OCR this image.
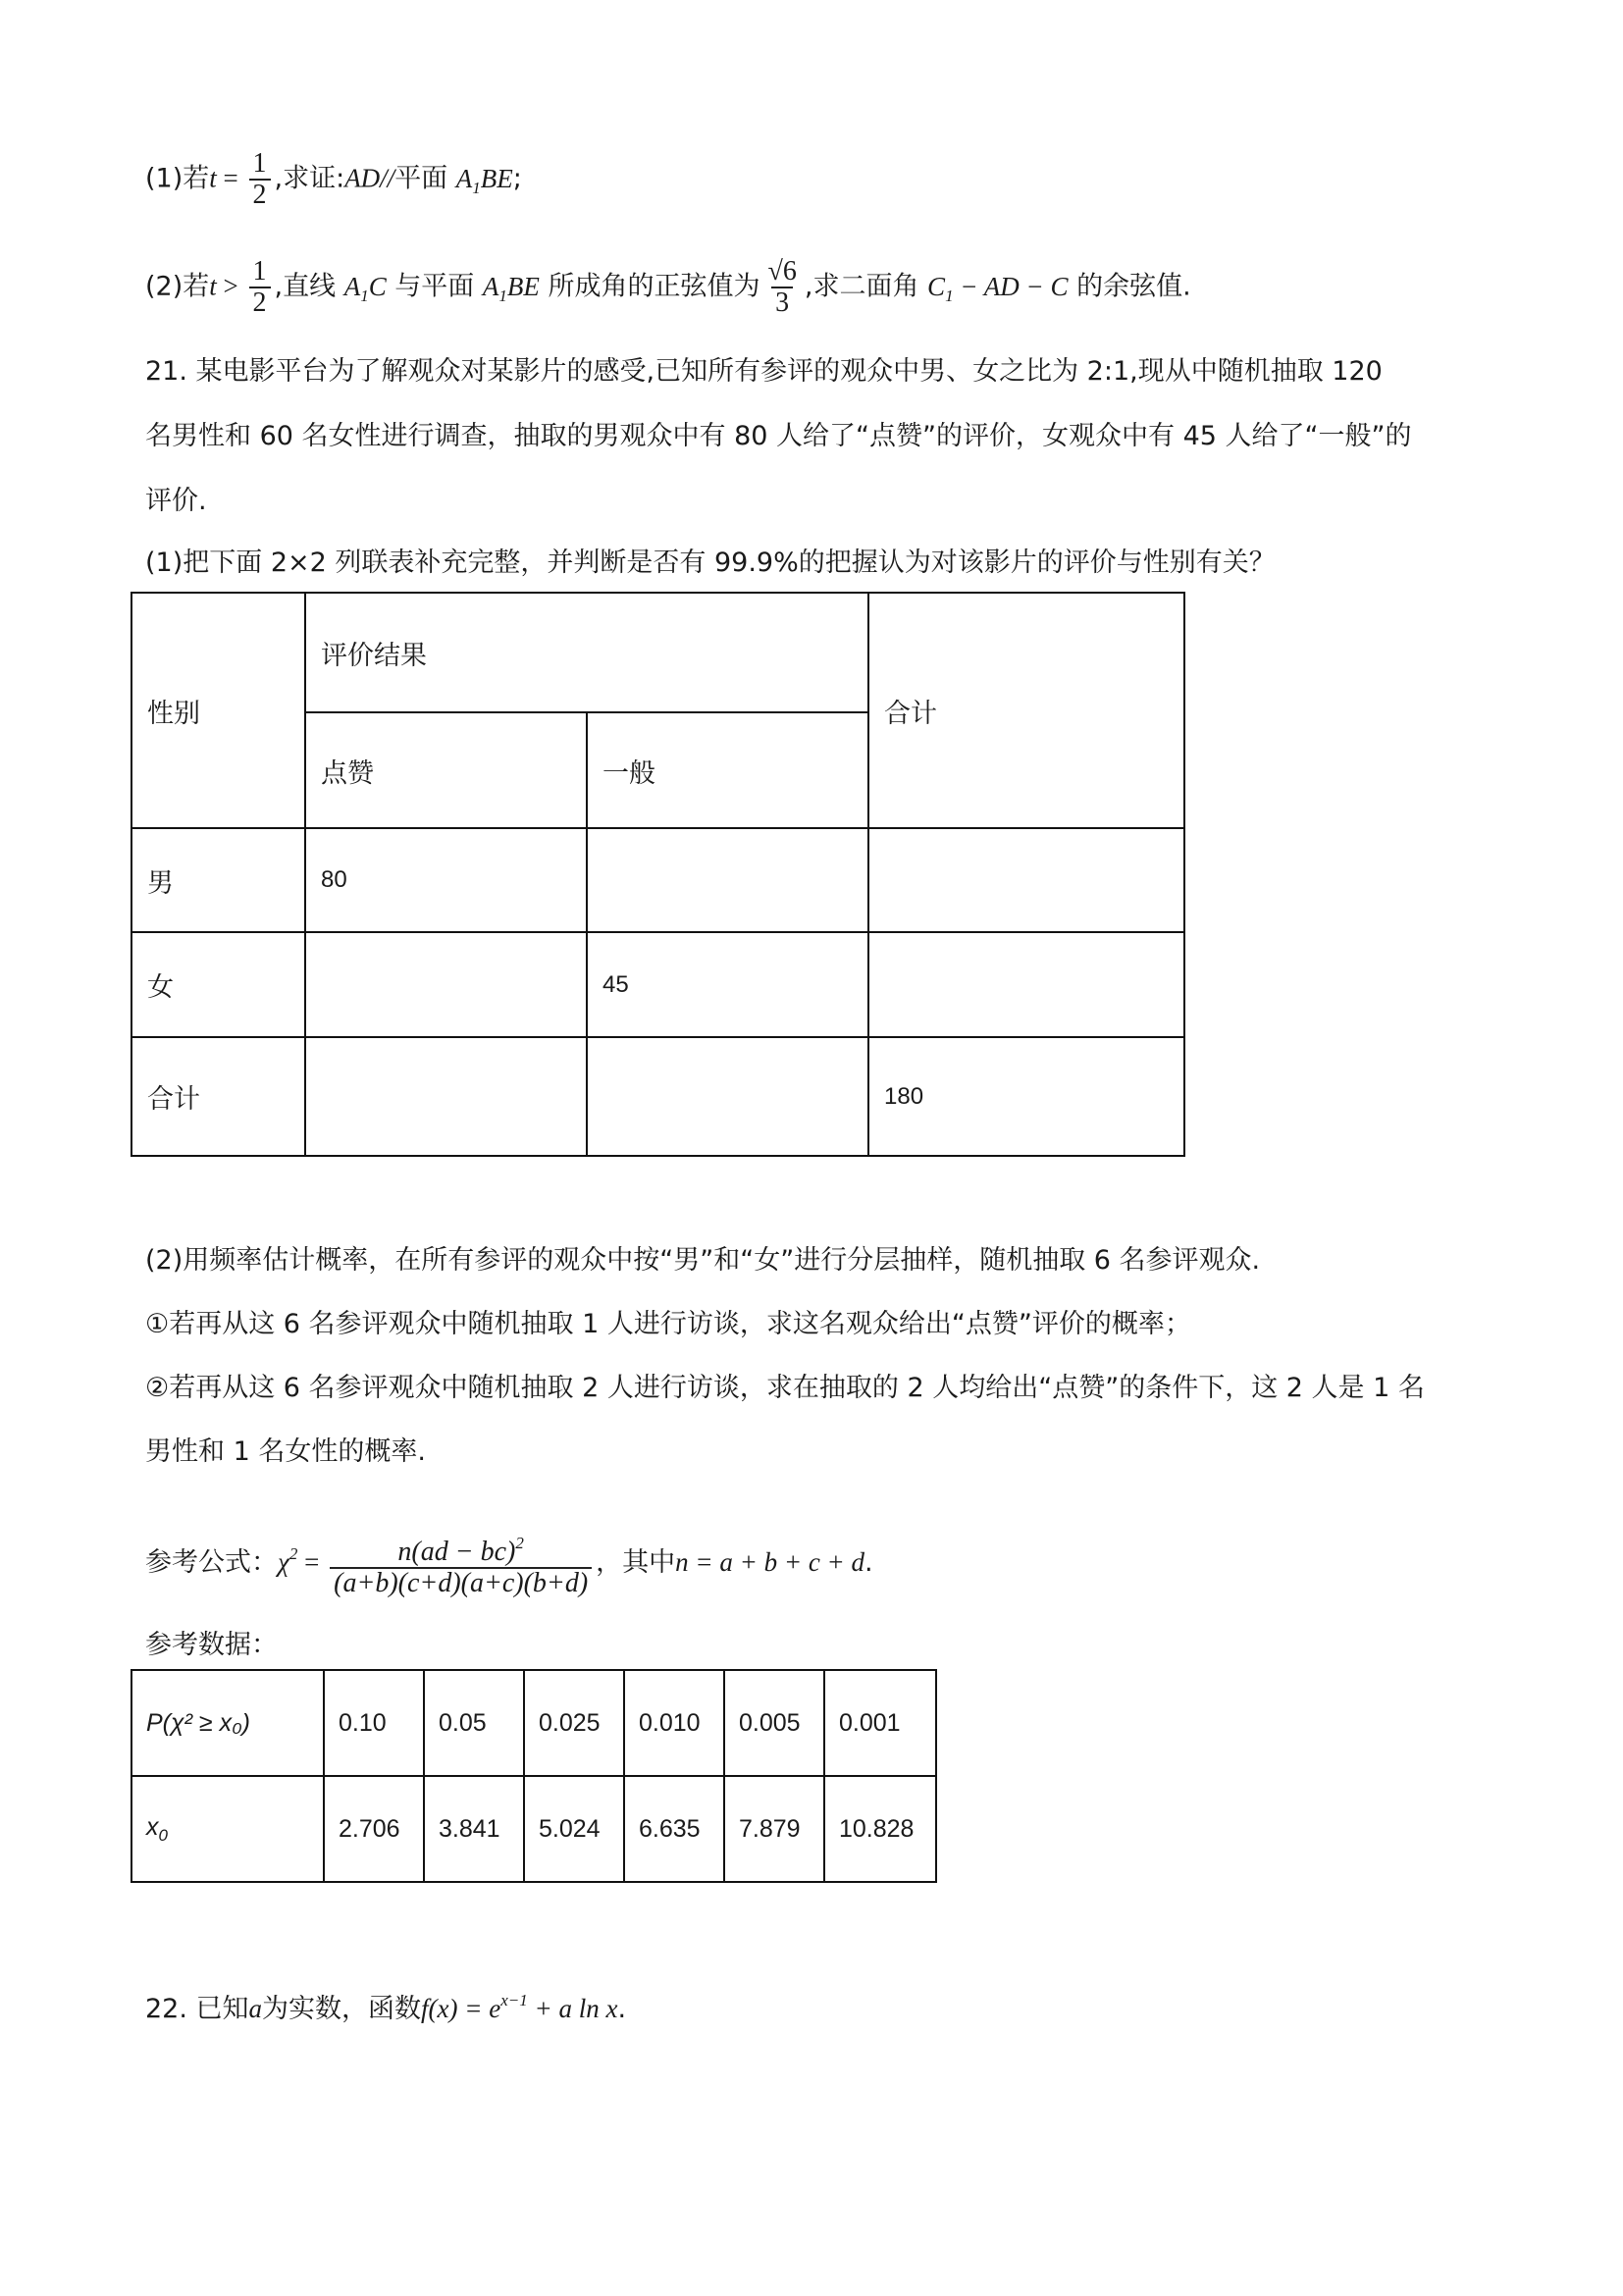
(1)若$t = \frac{1}{2}$ ,求证:AD//平面 $A_1BE$;
(2)若$t > \frac{1}{2}$ ,直线 $A_1C$ 与平面 $A_1BE$ 所成角的正弦值为 $\frac{√6}{3}$ ,求二面角 $C_1$ − AD − C 的余弦值.
21. 某电影平台为了解观众对某影片的感受,已知所有参评的观众中男、女之比为 2:1,现从中随机抽取 120
名男性和 60 名女性进行调查，抽取的男观众中有 80 人给了“点赞”的评价，女观众中有 45 人给了“一般”的
评价.
(1)把下面 2×2 列联表补充完整，并判断是否有 99.9%的把握认为对该影片的评价与性别有关？
性别	评价结果		合计
	点赞	一般	
男	80		
女		45	
合计			180
(2)用频率估计概率，在所有参评的观众中按“男”和“女”进行分层抽样，随机抽取 6 名参评观众.
①若再从这 6 名参评观众中随机抽取 1 人进行访谈，求这名观众给出“点赞”评价的概率；
②若再从这 6 名参评观众中随机抽取 2 人进行访谈，求在抽取的 2 人均给出“点赞”的条件下，这 2 人是 1 名
男性和 1 名女性的概率.
参考公式：$\chi^2 = \frac{n(ad - bc)^2}{(a+b)(c+d)(a+c)(b+d)}$ ，其中n = a + b + c + d.
参考数据：
P(χ² ≥ x₀)	0.10	0.05	0.025	0.010	0.005	0.001
$x_0$	2.706	3.841	5.024	6.635	7.879	10.828
22. 已知a为实数，函数$f(x) = e^{x-1} + a$ ln x.
